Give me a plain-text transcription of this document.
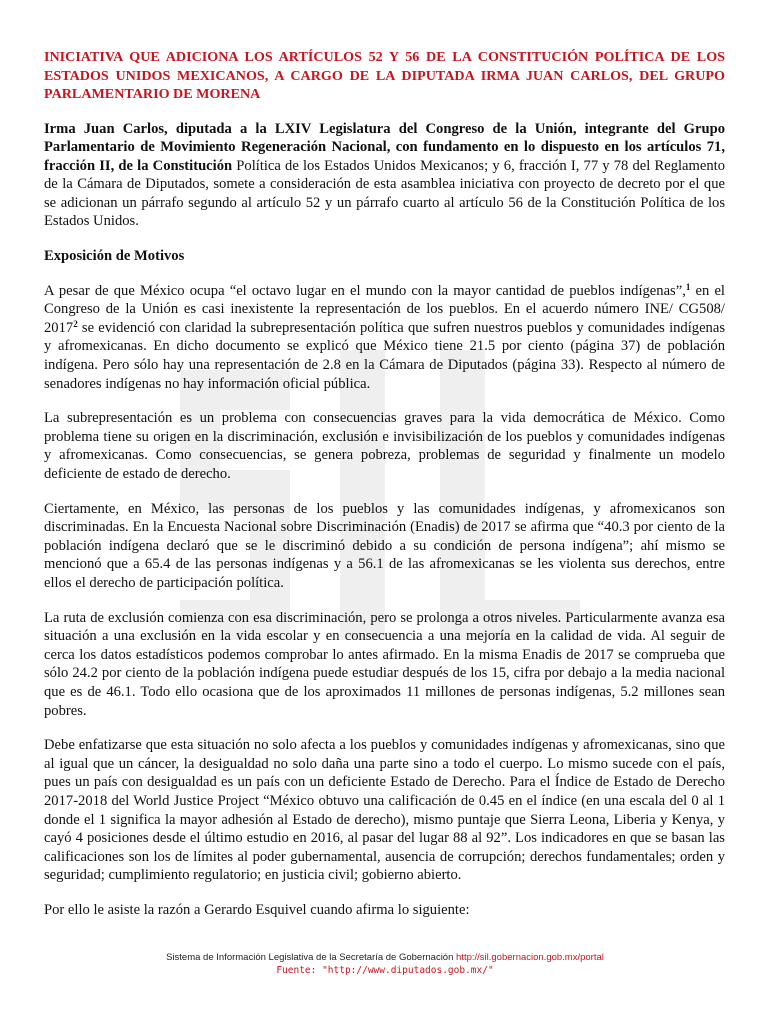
INICIATIVA QUE ADICIONA LOS ARTÍCULOS 52 Y 56 DE LA CONSTITUCIÓN POLÍTICA DE LOS ESTADOS UNIDOS MEXICANOS, A CARGO DE LA DIPUTADA IRMA JUAN CARLOS, DEL GRUPO PARLAMENTARIO DE MORENA

Irma Juan Carlos, diputada a la LXIV Legislatura del Congreso de la Unión, integrante del Grupo Parlamentario de Movimiento Regeneración Nacional, con fundamento en lo dispuesto en los artículos 71, fracción II, de la Constitución Política de los Estados Unidos Mexicanos; y 6, fracción I, 77 y 78 del Reglamento de la Cámara de Diputados, somete a consideración de esta asamblea iniciativa con proyecto de decreto por el que se adicionan un párrafo segundo al artículo 52 y un párrafo cuarto al artículo 56 de la Constitución Política de los Estados Unidos.

Exposición de Motivos

A pesar de que México ocupa “el octavo lugar en el mundo con la mayor cantidad de pueblos indígenas”,$^1$ en el Congreso de la Unión es casi inexistente la representación de los pueblos. En el acuerdo número INE/ CG508/ 2017$^2$ se evidenció con claridad la subrepresentación política que sufren nuestros pueblos y comunidades indígenas y afromexicanas. En dicho documento se explicó que México tiene 21.5 por ciento (página 37) de población indígena. Pero sólo hay una representación de 2.8 en la Cámara de Diputados (página 33). Respecto al número de senadores indígenas no hay información oficial pública.

La subrepresentación es un problema con consecuencias graves para la vida democrática de México. Como problema tiene su origen en la discriminación, exclusión e invisibilización de los pueblos y comunidades indígenas y afromexicanas. Como consecuencias, se genera pobreza, problemas de seguridad y finalmente un modelo deficiente de estado de derecho.

Ciertamente, en México, las personas de los pueblos y las comunidades indígenas, y afromexicanos son discriminadas. En la Encuesta Nacional sobre Discriminación (Enadis) de 2017 se afirma que “40.3 por ciento de la población indígena declaró que se le discriminó debido a su condición de persona indígena”; ahí mismo se mencionó que a 65.4 de las personas indígenas y a 56.1 de las afromexicanas se les violenta sus derechos, entre ellos el derecho de participación política.

La ruta de exclusión comienza con esa discriminación, pero se prolonga a otros niveles. Particularmente avanza esa situación a una exclusión en la vida escolar y en consecuencia a una mejoría en la calidad de vida. Al seguir de cerca los datos estadísticos podemos comprobar lo antes afirmado. En la misma Enadis de 2017 se comprueba que sólo 24.2 por ciento de la población indígena puede estudiar después de los 15, cifra por debajo a la media nacional que es de 46.1. Todo ello ocasiona que de los aproximados 11 millones de personas indígenas, 5.2 millones sean pobres.

Debe enfatizarse que esta situación no solo afecta a los pueblos y comunidades indígenas y afromexicanas, sino que al igual que un cáncer, la desigualdad no solo daña una parte sino a todo el cuerpo. Lo mismo sucede con el país, pues un país con desigualdad es un país con un deficiente Estado de Derecho. Para el Índice de Estado de Derecho 2017-2018 del World Justice Project “México obtuvo una calificación de 0.45 en el índice (en una escala del 0 al 1 donde el 1 significa la mayor adhesión al Estado de derecho), mismo puntaje que Sierra Leona, Liberia y Kenya, y cayó 4 posiciones desde el último estudio en 2016, al pasar del lugar 88 al 92”. Los indicadores en que se basan las calificaciones son los de límites al poder gubernamental, ausencia de corrupción; derechos fundamentales; orden y seguridad; cumplimiento regulatorio; en justicia civil; gobierno abierto.

Por ello le asiste la razón a Gerardo Esquivel cuando afirma lo siguiente:

Sistema de Información Legislativa de la Secretaría de Gobernación http://sil.gobernacion.gob.mx/portal
Fuente: "http://www.diputados.gob.mx/"
